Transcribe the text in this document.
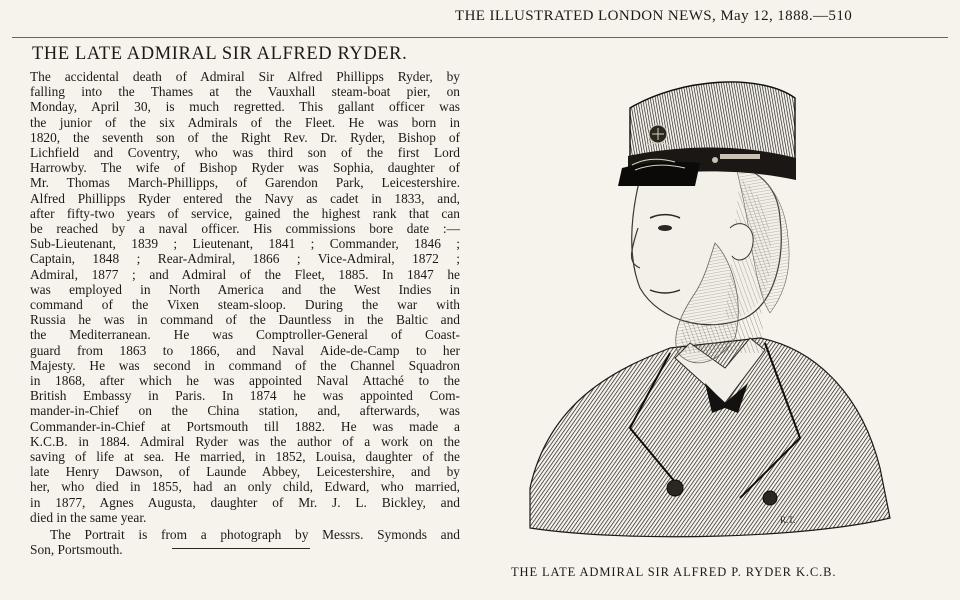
THE ILLUSTRATED LONDON NEWS, May 12, 1888.—510
THE LATE ADMIRAL SIR ALFRED RYDER.
The accidental death of Admiral Sir Alfred Phillipps Ryder, by
falling into the Thames at the Vauxhall steam-boat pier, on
Monday, April 30, is much regretted. This gallant officer was
the junior of the six Admirals of the Fleet. He was born in
1820, the seventh son of the Right Rev. Dr. Ryder, Bishop of
Lichfield and Coventry, who was third son of the first Lord
Harrowby. The wife of Bishop Ryder was Sophia, daughter of
Mr. Thomas March-Phillipps, of Garendon Park, Leicestershire.
Alfred Phillipps Ryder entered the Navy as cadet in 1833, and,
after fifty-two years of service, gained the highest rank that can
be reached by a naval officer. His commissions bore date :—
Sub-Lieutenant, 1839 ; Lieutenant, 1841 ; Commander, 1846 ;
Captain, 1848 ; Rear-Admiral, 1866 ; Vice-Admiral, 1872 ;
Admiral, 1877 ; and Admiral of the Fleet, 1885. In 1847 he
was employed in North America and the West Indies in
command of the Vixen steam-sloop. During the war with
Russia he was in command of the Dauntless in the Baltic and
the Mediterranean. He was Comptroller-General of Coast-
guard from 1863 to 1866, and Naval Aide-de-Camp to her
Majesty. He was second in command of the Channel Squadron
in 1868, after which he was appointed Naval Attaché to the
British Embassy in Paris. In 1874 he was appointed Com-
mander-in-Chief on the China station, and, afterwards, was
Commander-in-Chief at Portsmouth till 1882. He was made a
K.C.B. in 1884. Admiral Ryder was the author of a work on the
saving of life at sea. He married, in 1852, Louisa, daughter of the
late Henry Dawson, of Launde Abbey, Leicestershire, and by
her, who died in 1855, had an only child, Edward, who married,
in 1877, Agnes Augusta, daughter of Mr. J. L. Bickley, and
died in the same year.
The Portrait is from a photograph by Messrs. Symonds and
Son, Portsmouth.
R.T.
THE LATE ADMIRAL SIR ALFRED P. RYDER K.C.B.
